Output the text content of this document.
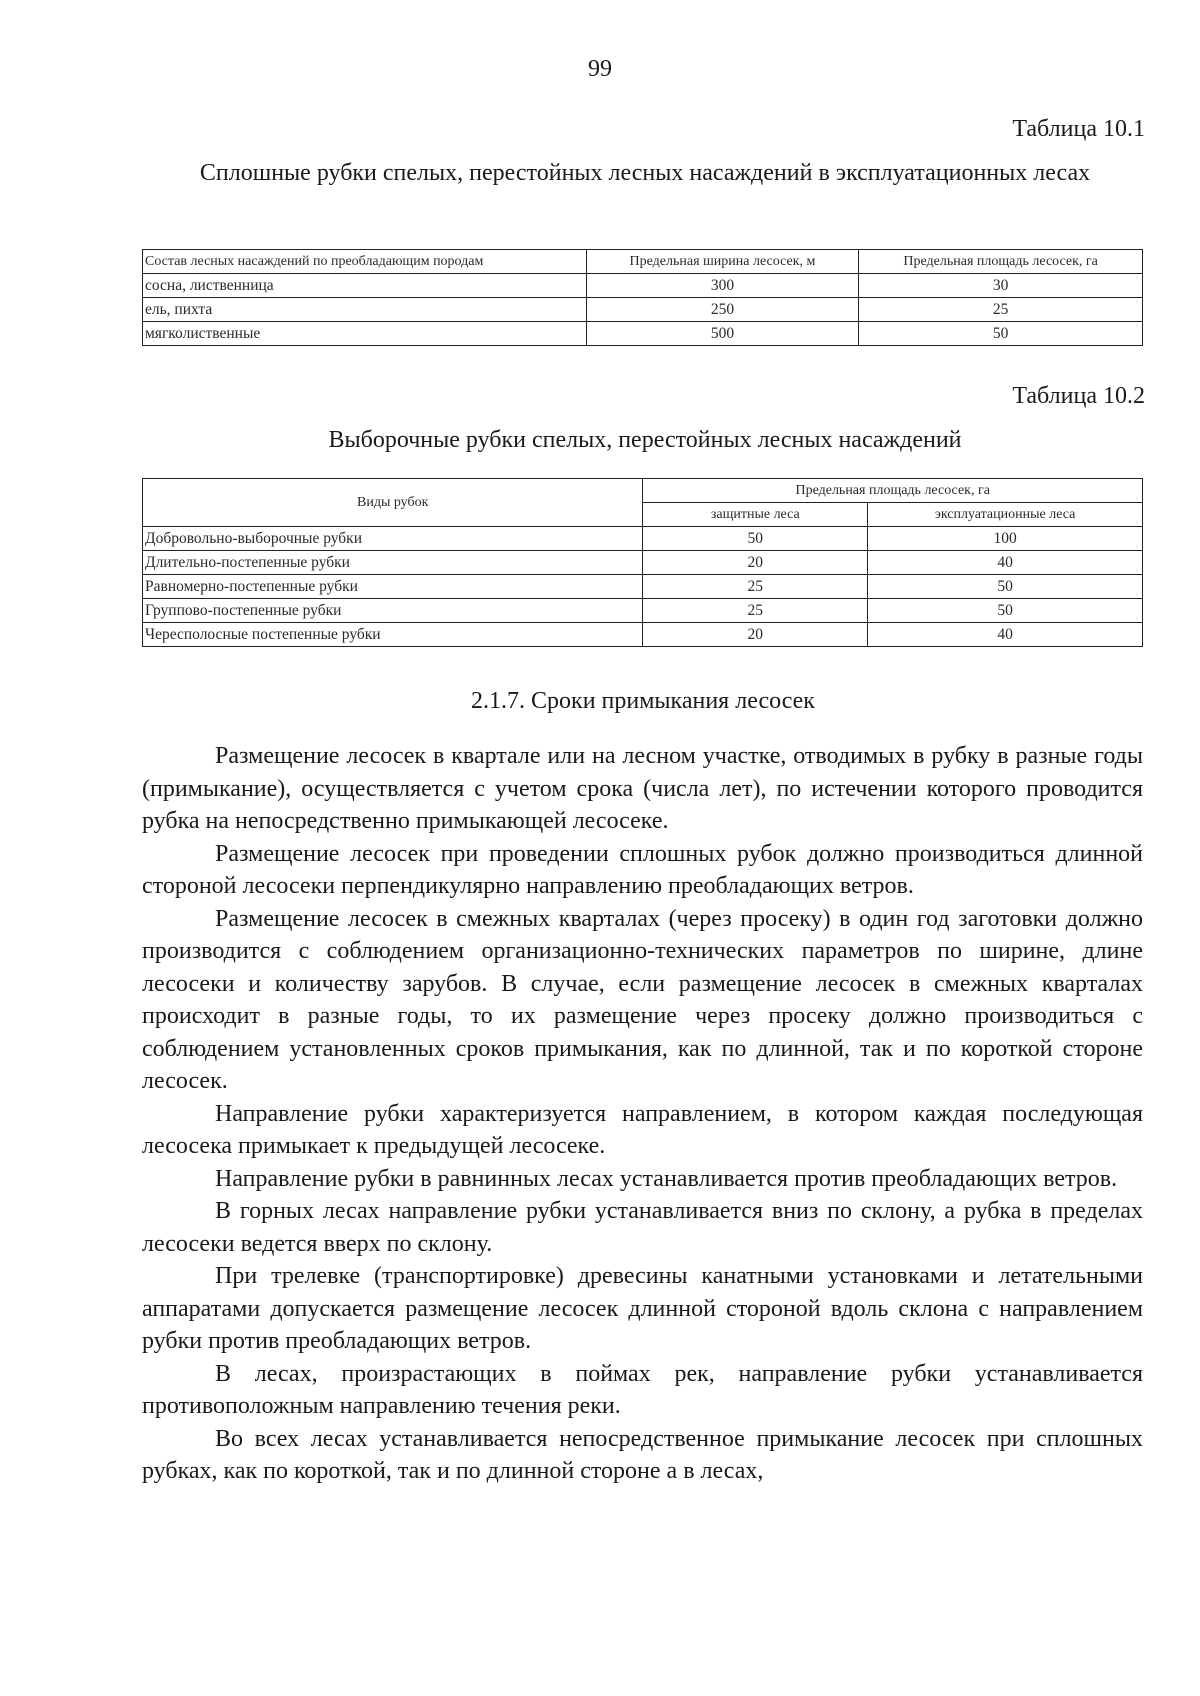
99
Таблица 10.1
Сплошные рубки спелых, перестойных лесных насаждений в эксплуатационных лесах
Состав лесных насаждений по преобладающим породам	Предельная ширина лесосек, м	Предельная площадь лесосек, га
сосна, лиственница	300	30
ель, пихта	250	25
мягколиственные	500	50
Таблица 10.2
Выборочные рубки спелых, перестойных лесных насаждений
Виды рубок	Предельная площадь лесосек, га	
	защитные леса	эксплуатационные леса
Добровольно-выборочные рубки	50	100
Длительно-постепенные рубки	20	40
Равномерно-постепенные рубки	25	50
Группово-постепенные рубки	25	50
Чересполосные постепенные рубки	20	40
2.1.7. Сроки примыкания лесосек

Размещение лесосек в квартале или на лесном участке, отводимых в рубку в разные годы (примыкание), осуществляется с учетом срока (числа лет), по истечении которого проводится рубка на непосредственно примыкающей лесосеке.

Размещение лесосек при проведении сплошных рубок должно производиться длинной стороной лесосеки перпендикулярно направлению преобладающих ветров.

Размещение лесосек в смежных кварталах (через просеку) в один год заготовки должно производится с соблюдением организационно-технических параметров по ширине, длине лесосеки и количеству зарубов. В случае, если размещение лесосек в смежных кварталах происходит в разные годы, то их размещение через просеку должно производиться с соблюдением установленных сроков примыкания, как по длинной, так и по короткой стороне лесосек.

Направление рубки характеризуется направлением, в котором каждая последующая лесосека примыкает к предыдущей лесосеке.

Направление рубки в равнинных лесах устанавливается против преобладающих ветров.

В горных лесах направление рубки устанавливается вниз по склону, а рубка в пределах лесосеки ведется вверх по склону.

При трелевке (транспортировке) древесины канатными установками и летательными аппаратами допускается размещение лесосек длинной стороной вдоль склона с направлением рубки против преобладающих ветров.

В лесах, произрастающих в поймах рек, направление рубки устанавливается противоположным направлению течения реки.

Во всех лесах устанавливается непосредственное примыкание лесосек при сплошных рубках, как по короткой, так и по длинной стороне а в лесах,
